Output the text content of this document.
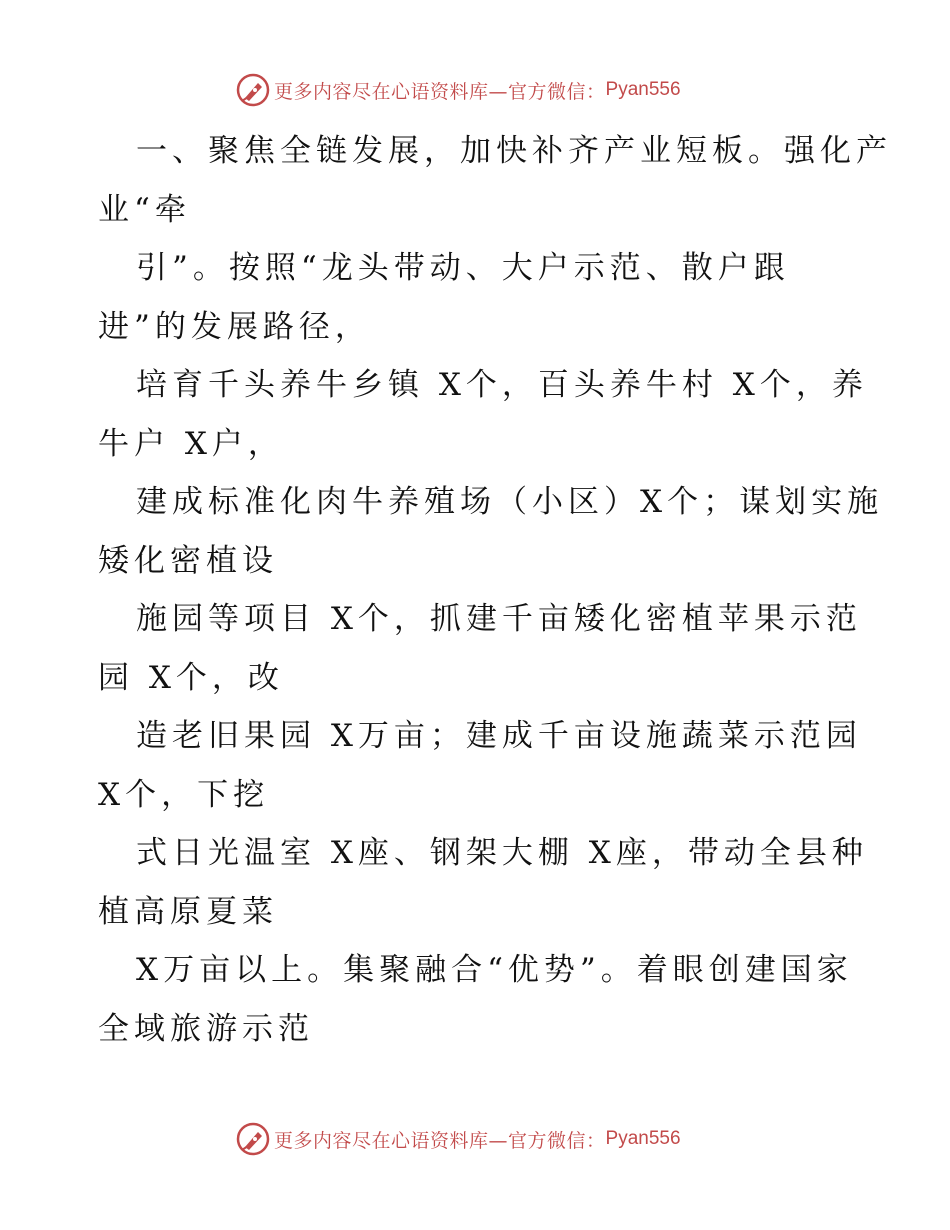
更多内容尽在心语资料库—官方微信： Pyan556
一、聚焦全链发展，加快补齐产业短板。强化产
业“牵
引”。按照“龙头带动、大户示范、散户跟
进”的发展路径，
培育千头养牛乡镇 X个，百头养牛村 X个，养
牛户 X户，
建成标准化肉牛养殖场（小区）X个；谋划实施
矮化密植设
施园等项目 X个，抓建千亩矮化密植苹果示范
园 X个，改
造老旧果园 X万亩；建成千亩设施蔬菜示范园
X个，下挖
式日光温室 X座、钢架大棚 X座，带动全县种
植高原夏菜
X万亩以上。集聚融合“优势”。着眼创建国家
全域旅游示范
更多内容尽在心语资料库—官方微信： Pyan556
